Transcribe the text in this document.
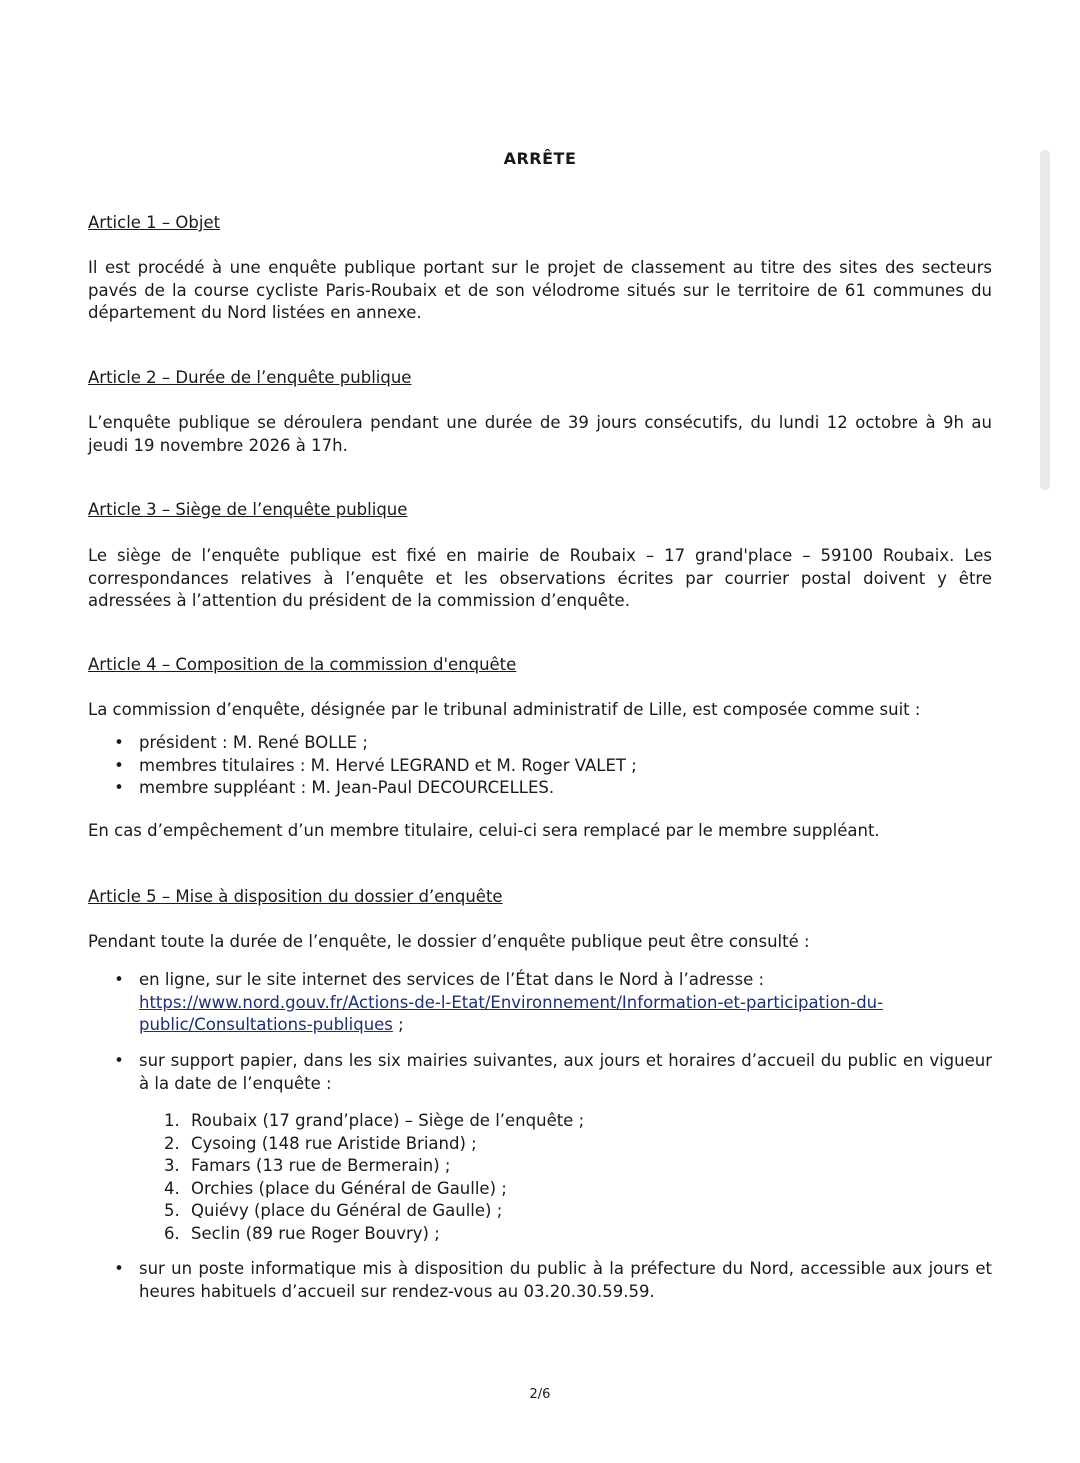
ARRÊTE
Article 1 – Objet

Il est procédé à une enquête publique portant sur le projet de classement au titre des sites des secteurs pavés de la course cycliste Paris-Roubaix et de son vélodrome situés sur le territoire de 61 communes du département du Nord listées en annexe.

Article 2 – Durée de l’enquête publique

L’enquête publique se déroulera pendant une durée de 39 jours consécutifs, du lundi 12 octobre à 9h au jeudi 19 novembre 2026 à 17h.

Article 3 – Siège de l’enquête publique

Le siège de l’enquête publique est fixé en mairie de Roubaix – 17 grand'place – 59100 Roubaix. Les correspondances relatives à l’enquête et les observations écrites par courrier postal doivent y être adressées à l’attention du président de la commission d’enquête.

Article 4 – Composition de la commission d'enquête

La commission d’enquête, désignée par le tribunal administratif de Lille, est composée comme suit :

• président : M. René BOLLE ;
• membres titulaires : M. Hervé LEGRAND et M. Roger VALET ;
• membre suppléant : M. Jean-Paul DECOURCELLES.

En cas d’empêchement d’un membre titulaire, celui-ci sera remplacé par le membre suppléant.

Article 5 – Mise à disposition du dossier d’enquête

Pendant toute la durée de l’enquête, le dossier d’enquête publique peut être consulté :

• en ligne, sur le site internet des services de l’État dans le Nord à l’adresse :
https://www.nord.gouv.fr/Actions-de-l-Etat/Environnement/Information-et-participation-du-
public/Consultations-publiques ;
• sur support papier, dans les six mairies suivantes, aux jours et horaires d’accueil du public en vigueur à la date de l’enquête :
1. Roubaix (17 grand’place) – Siège de l’enquête ;
2. Cysoing (148 rue Aristide Briand) ;
3. Famars (13 rue de Bermerain) ;
4. Orchies (place du Général de Gaulle) ;
5. Quiévy (place du Général de Gaulle) ;
6. Seclin (89 rue Roger Bouvry) ;
• sur un poste informatique mis à disposition du public à la préfecture du Nord, accessible aux jours et heures habituels d’accueil sur rendez-vous au 03.20.30.59.59.
2/6
